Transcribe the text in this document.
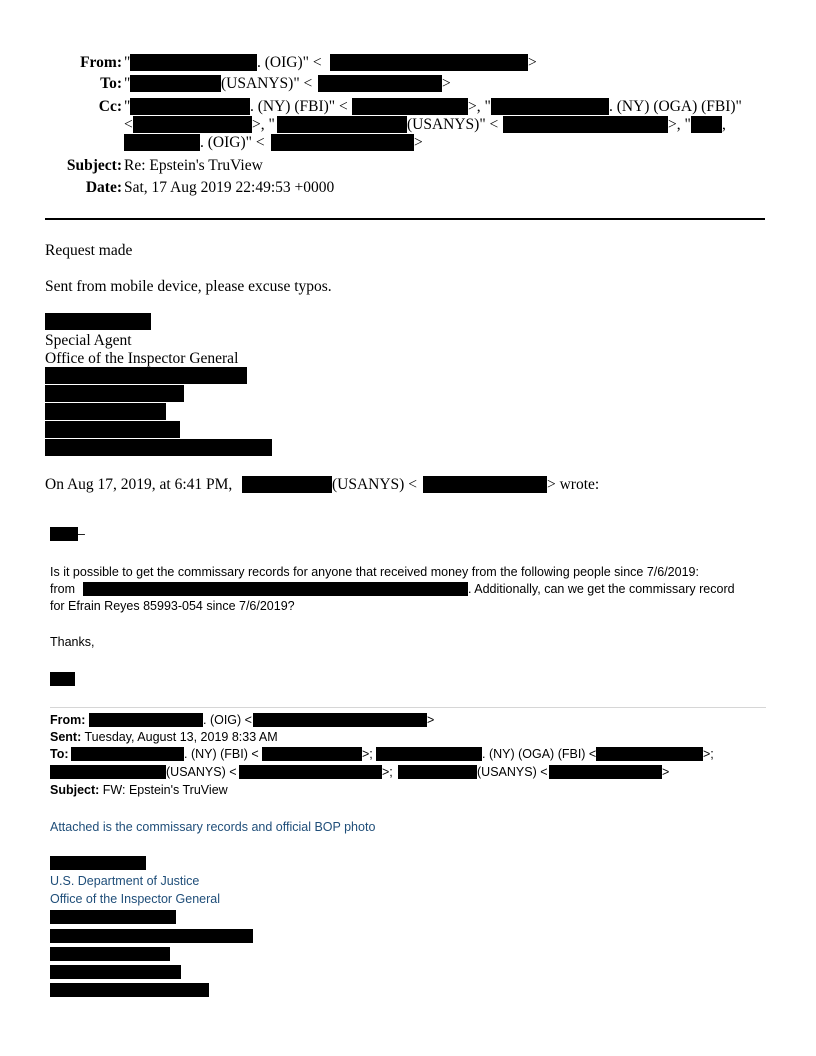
From: "	. (OIG)" <	>
To: "	(USANYS)" <	>
Cc: "	. (NY) (FBI)" <	>, "	. (NY) (OGA) (FBI)"
<	>, "	(USANYS)" <	>, " ,
. (OIG)" <	>
Subject: Re: Epstein's TruView
Date: Sat, 17 Aug 2019 22:49:53 +0000
Request made
Sent from mobile device, please excuse typos.
Special Agent
Office of the Inspector General
On Aug 17, 2019, at 6:41 PM,	(USANYS) <	> wrote:
–
Is it possible to get the commissary records for anyone that received money from the following people since 7/6/2019:
from	. Additionally, can we get the commissary record
for Efrain Reyes 85993-054 since 7/6/2019?
Thanks,
From:	. (OIG) <	>
Sent: Tuesday, August 13, 2019 8:33 AM
To:	. (NY) (FBI) <	>;	. (NY) (OGA) (FBI) <	>;
(USANYS) <	>;	(USANYS) <	>
Subject: FW: Epstein's TruView
Attached is the commissary records and official BOP photo
U.S. Department of Justice
Office of the Inspector General
